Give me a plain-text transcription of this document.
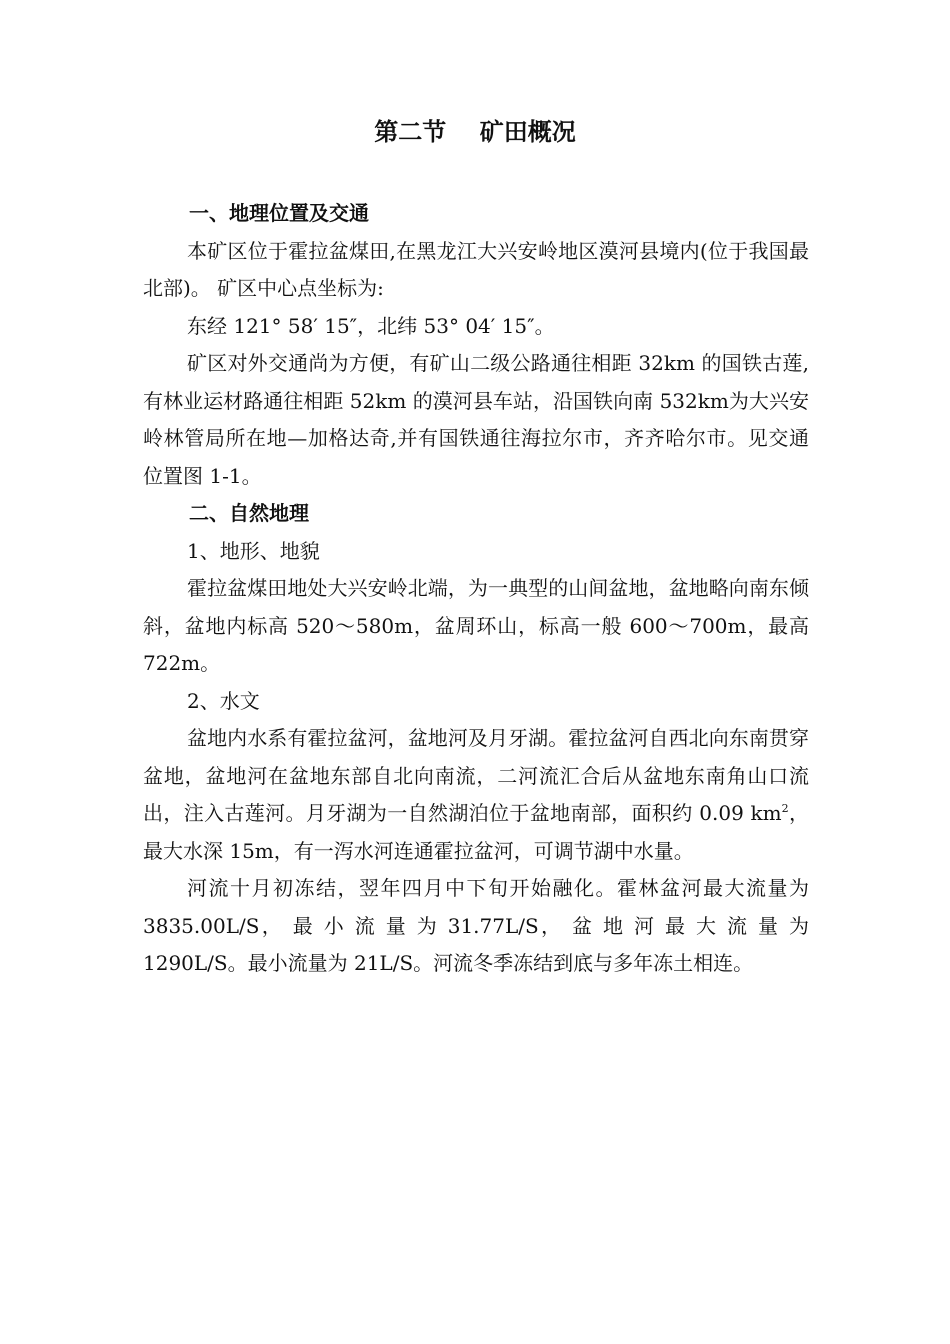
第二节    矿田概况

一、地理位置及交通

本矿区位于霍拉盆煤田,在黑龙江大兴安岭地区漠河县境内(位于我国最北部)。 矿区中心点坐标为:

东经 121° 58′ 15″，北纬 53° 04′ 15″。

矿区对外交通尚为方便，有矿山二级公路通往相距 32km 的国铁古莲,有林业运材路通往相距 52km 的漠河县车站，沿国铁向南 532km为大兴安岭林管局所在地—加格达奇,并有国铁通往海拉尔市，齐齐哈尔市。见交通位置图 1-1。

二、自然地理

1、地形、地貌

霍拉盆煤田地处大兴安岭北端，为一典型的山间盆地，盆地略向南东倾斜，盆地内标高 520～580m，盆周环山，标高一般 600～700m，最高 722m。

2、水文

盆地内水系有霍拉盆河，盆地河及月牙湖。霍拉盆河自西北向东南贯穿盆地，盆地河在盆地东部自北向南流，二河流汇合后从盆地东南角山口流出，注入古莲河。月牙湖为一自然湖泊位于盆地南部，面积约 0.09 $km^2$，最大水深 15m，有一泻水河连通霍拉盆河，可调节湖中水量。

河流十月初冻结，翌年四月中下旬开始融化。霍林盆河最大流量为 3835.00L/S， 最 小 流 量 为 31.77L/S， 盆 地 河 最 大 流 量 为1290L/S。最小流量为 21L/S。河流冬季冻结到底与多年冻土相连。
